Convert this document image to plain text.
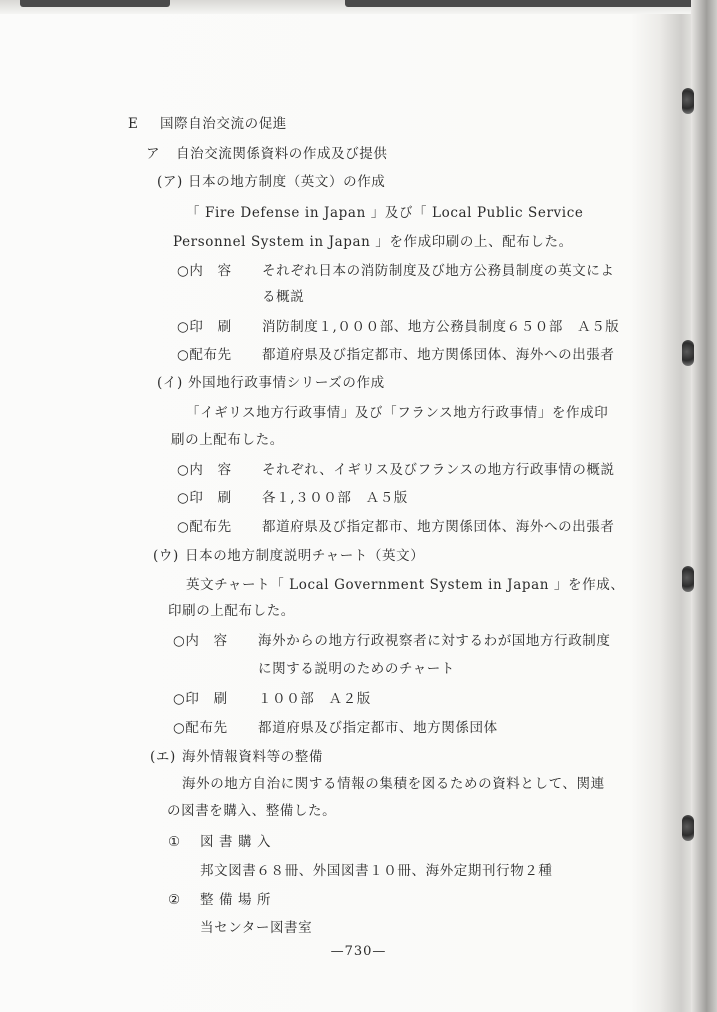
E 国際自治交流の促進
ア 自治交流関係資料の作成及び提供
(ア) 日本の地方制度（英文）の作成
「 Fire Defense in Japan 」及び「 Local Public Service
Personnel System in Japan 」を作成印刷の上、配布した。
○内　容 それぞれ日本の消防制度及び地方公務員制度の英文によ
る概説
○印　刷 消防制度１,０００部、地方公務員制度６５０部　Ａ５版
○配布先 都道府県及び指定都市、地方関係団体、海外への出張者
(イ) 外国地行政事情シリーズの作成
「イギリス地方行政事情」及び「フランス地方行政事情」を作成印
刷の上配布した。
○内　容 それぞれ、イギリス及びフランスの地方行政事情の概説
○印　刷 各１,３００部　Ａ５版
○配布先 都道府県及び指定都市、地方関係団体、海外への出張者
(ウ) 日本の地方制度説明チャート（英文）
英文チャート「 Local Government System in Japan 」を作成、
印刷の上配布した。
○内　容 海外からの地方行政視察者に対するわが国地方行政制度
に関する説明のためのチャート
○印　刷 １００部　Ａ２版
○配布先 都道府県及び指定都市、地方関係団体
(エ) 海外情報資料等の整備
海外の地方自治に関する情報の集積を図るための資料として、関連
の図書を購入、整備した。
① 図 書 購 入
邦文図書６８冊、外国図書１０冊、海外定期刊行物２種
② 整 備 場 所
当センター図書室
—730—
